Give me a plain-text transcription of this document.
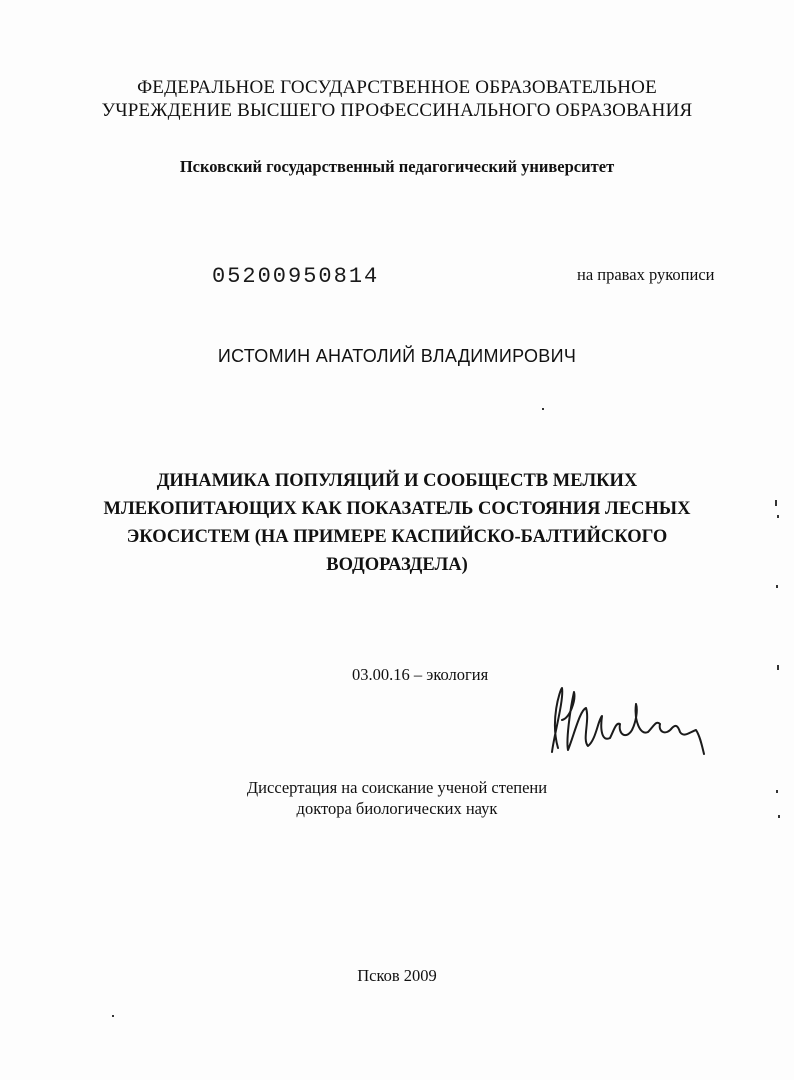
ФЕДЕРАЛЬНОЕ ГОСУДАРСТВЕННОЕ ОБРАЗОВАТЕЛЬНОЕ
УЧРЕЖДЕНИЕ ВЫСШЕГО ПРОФЕССИНАЛЬНОГО ОБРАЗОВАНИЯ
Псковский государственный педагогический университет
05200950814	на правах рукописи
ИСТОМИН АНАТОЛИЙ ВЛАДИМИРОВИЧ
ДИНАМИКА ПОПУЛЯЦИЙ И СООБЩЕСТВ МЕЛКИХ
МЛЕКОПИТАЮЩИХ КАК ПОКАЗАТЕЛЬ СОСТОЯНИЯ ЛЕСНЫХ
ЭКОСИСТЕМ (НА ПРИМЕРЕ КАСПИЙСКО-БАЛТИЙСКОГО
ВОДОРАЗДЕЛА)
03.00.16 – экология
Диссертация на соискание ученой степени
доктора биологических наук
Псков 2009
